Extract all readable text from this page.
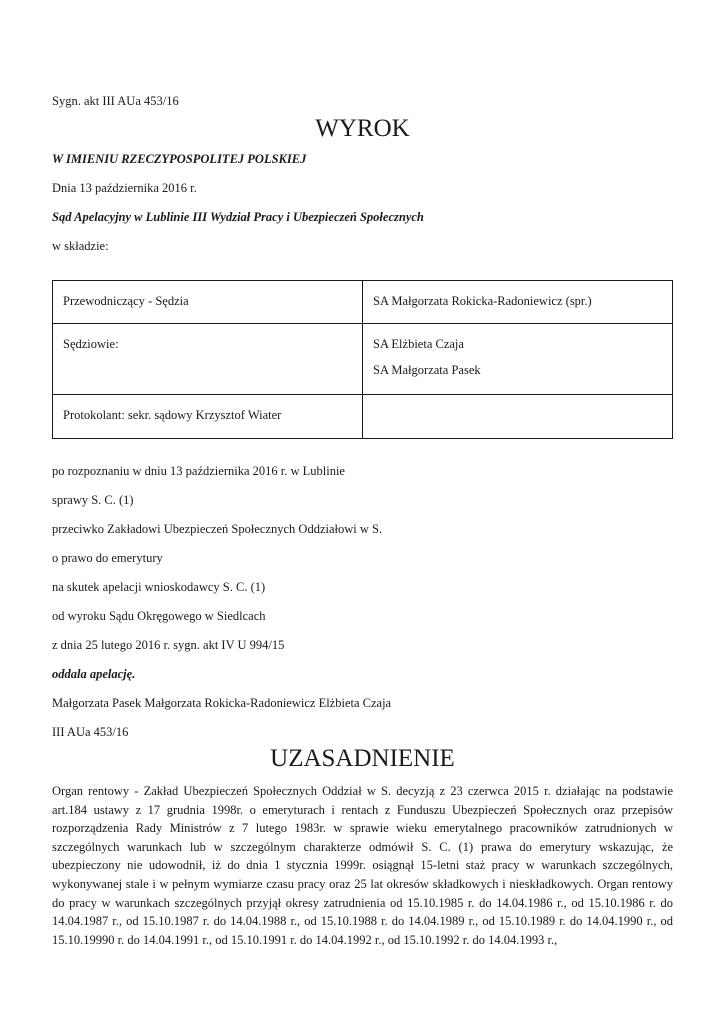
Sygn. akt III AUa 453/16
WYROK
W IMIENIU RZECZYPOSPOLITEJ POLSKIEJ
Dnia 13 października 2016 r.
Sąd Apelacyjny w Lublinie III Wydział Pracy i Ubezpieczeń Społecznych
w składzie:
Przewodniczący - Sędzia	SA Małgorzata Rokicka-Radoniewicz (spr.)

Sędziowie:	SA Elżbieta Czaja
SA Małgorzata Pasek

Protokolant: sekr. sądowy Krzysztof Wiater	

po rozpoznaniu w dniu 13 października 2016 r. w Lublinie
sprawy S. C. (1)
przeciwko Zakładowi Ubezpieczeń Społecznych Oddziałowi w S.
o prawo do emerytury
na skutek apelacji wnioskodawcy S. C. (1)
od wyroku Sądu Okręgowego w Siedlcach
z dnia 25 lutego 2016 r. sygn. akt IV U 994/15
oddala apelację.
Małgorzata Pasek Małgorzata Rokicka-Radoniewicz Elżbieta Czaja
III AUa 453/16
UZASADNIENIE

Organ rentowy - Zakład Ubezpieczeń Społecznych Oddział w S. decyzją z 23 czerwca 2015 r. działając na podstawie art.184 ustawy z 17 grudnia 1998r. o emeryturach i rentach z Funduszu Ubezpieczeń Społecznych oraz przepisów rozporządzenia Rady Ministrów z 7 lutego 1983r. w sprawie wieku emerytalnego pracowników zatrudnionych w szczególnych warunkach lub w szczególnym charakterze odmówił S. C. (1) prawa do emerytury wskazując, że ubezpieczony nie udowodnił, iż do dnia 1 stycznia 1999r. osiągnął 15-letni staż pracy w warunkach szczególnych, wykonywanej stale i w pełnym wymiarze czasu pracy oraz 25 lat okresów składkowych i nieskładkowych. Organ rentowy do pracy w warunkach szczególnych przyjął okresy zatrudnienia od 15.10.1985 r. do 14.04.1986 r., od 15.10.1986 r. do 14.04.1987 r., od 15.10.1987 r. do 14.04.1988 r., od 15.10.1988 r. do 14.04.1989 r., od 15.10.1989 r. do 14.04.1990 r., od 15.10.19990 r. do 14.04.1991 r., od 15.10.1991 r. do 14.04.1992 r., od 15.10.1992 r. do 14.04.1993 r.,
